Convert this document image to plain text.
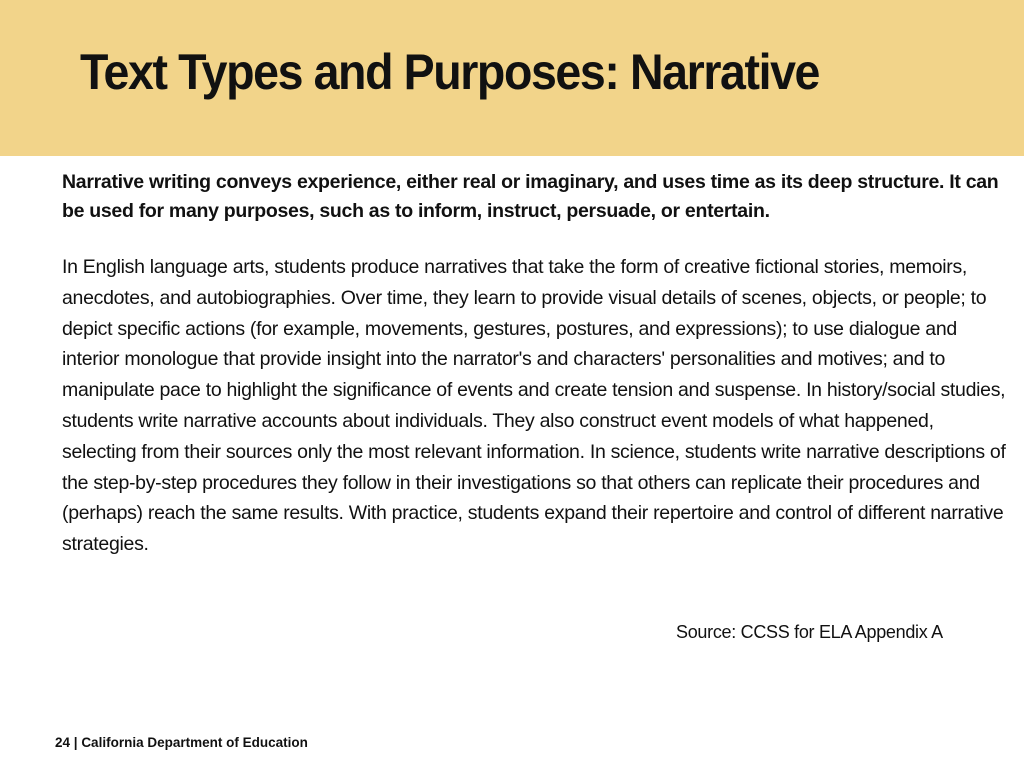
Text Types and Purposes: Narrative

Narrative writing conveys experience, either real or imaginary, and uses time as its deep structure. It can be used for many purposes, such as to inform, instruct, persuade, or entertain.

In English language arts, students produce narratives that take the form of creative fictional stories, memoirs, anecdotes, and autobiographies. Over time, they learn to provide visual details of scenes, objects, or people; to depict specific actions (for example, movements, gestures, postures, and expressions); to use dialogue and interior monologue that provide insight into the narrator's and characters' personalities and motives; and to manipulate pace to highlight the significance of events and create tension and suspense. In history/social studies, students write narrative accounts about individuals. They also construct event models of what happened, selecting from their sources only the most relevant information. In science, students write narrative descriptions of the step-by-step procedures they follow in their investigations so that others can replicate their procedures and (perhaps) reach the same results. With practice, students expand their repertoire and control of different narrative strategies.

Source: CCSS for ELA Appendix A
24 | California Department of Education
